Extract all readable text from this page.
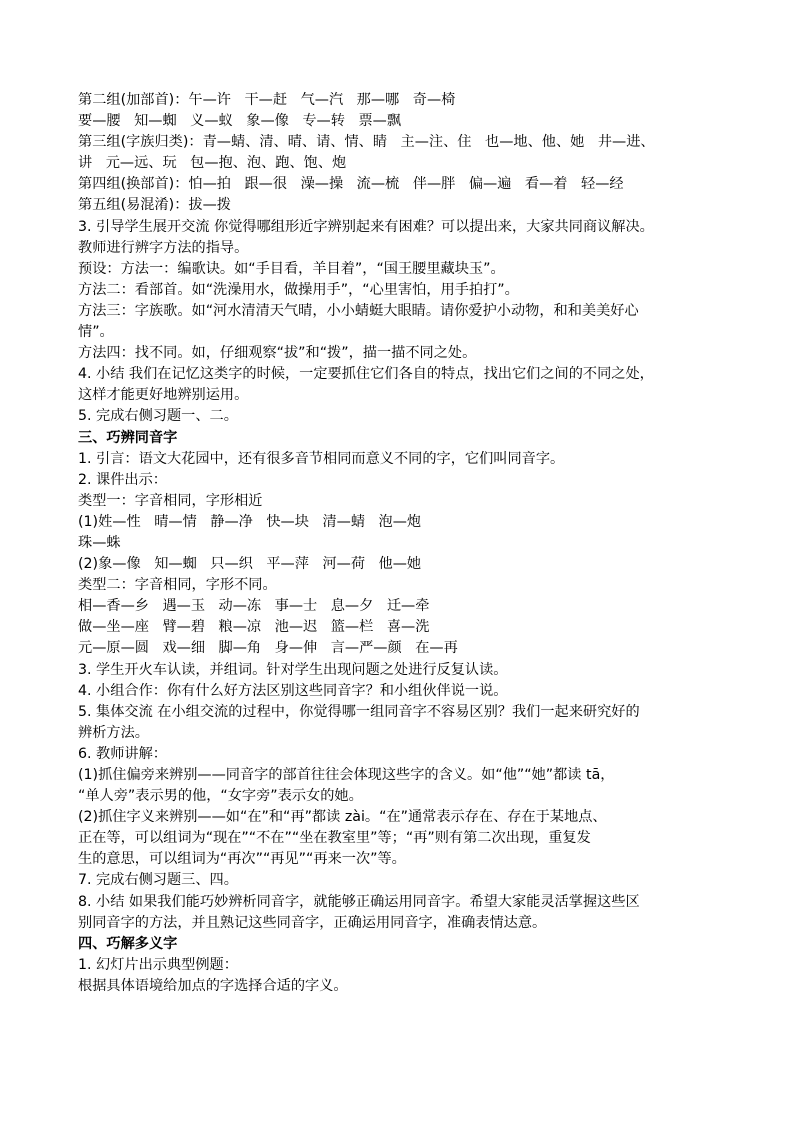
第二组(加部首)：午—许   干—赶   气—汽   那—哪   奇—椅
要—腰   知—蜘   义—蚁   象—像   专—转   票—飘
第三组(字族归类)：青—蜻、清、晴、请、情、睛   主—注、住   也—地、他、她   井—进、
讲   元—远、玩   包—抱、泡、跑、饱、炮
第四组(换部首)：怕—拍   跟—很   澡—操   流—梳   伴—胖   偏—遍   看—着   轻—经
第五组(易混淆)：拔—拨
3. 引导学生展开交流 你觉得哪组形近字辨别起来有困难？可以提出来，大家共同商议解决。
教师进行辨字方法的指导。
预设：方法一：编歌诀。如“手目看，羊目着”，“国王腰里藏块玉”。
方法二：看部首。如“洗澡用水，做操用手”，“心里害怕，用手拍打”。
方法三：字族歌。如“河水清清天气晴，小小蜻蜓大眼睛。请你爱护小动物，和和美美好心
情”。
方法四：找不同。如，仔细观察“拔”和“拨”，描一描不同之处。
4. 小结 我们在记忆这类字的时候，一定要抓住它们各自的特点，找出它们之间的不同之处，
这样才能更好地辨别运用。
5. 完成右侧习题一、二。
三、巧辨同音字
1. 引言：语文大花园中，还有很多音节相同而意义不同的字，它们叫同音字。
2. 课件出示：
类型一：字音相同，字形相近
(1)姓—性   晴—情   静—净   快—块   清—蜻   泡—炮
珠—蛛
(2)象—像   知—蜘   只—织   平—萍   河—荷   他—她
类型二：字音相同，字形不同。
相—香—乡   遇—玉   动—冻   事—士   息—夕   迁—牵
做—坐—座   臂—碧   粮—凉   池—迟   篮—栏   喜—洗
元—原—圆   戏—细   脚—角   身—伸   言—严—颜   在—再
3. 学生开火车认读，并组词。针对学生出现问题之处进行反复认读。
4. 小组合作：你有什么好方法区别这些同音字？和小组伙伴说一说。
5. 集体交流 在小组交流的过程中，你觉得哪一组同音字不容易区别？我们一起来研究好的
辨析方法。
6. 教师讲解：
(1)抓住偏旁来辨别——同音字的部首往往会体现这些字的含义。如“他”“她”都读 tā，
“单人旁”表示男的他，“女字旁”表示女的她。
(2)抓住字义来辨别——如“在”和“再”都读 zài。“在”通常表示存在、存在于某地点、
正在等，可以组词为“现在”“不在”“坐在教室里”等；“再”则有第二次出现，重复发
生的意思，可以组词为“再次”“再见”“再来一次”等。
7. 完成右侧习题三、四。
8. 小结 如果我们能巧妙辨析同音字，就能够正确运用同音字。希望大家能灵活掌握这些区
别同音字的方法，并且熟记这些同音字，正确运用同音字，准确表情达意。
四、巧解多义字
1. 幻灯片出示典型例题：
根据具体语境给加点的字选择合适的字义。
